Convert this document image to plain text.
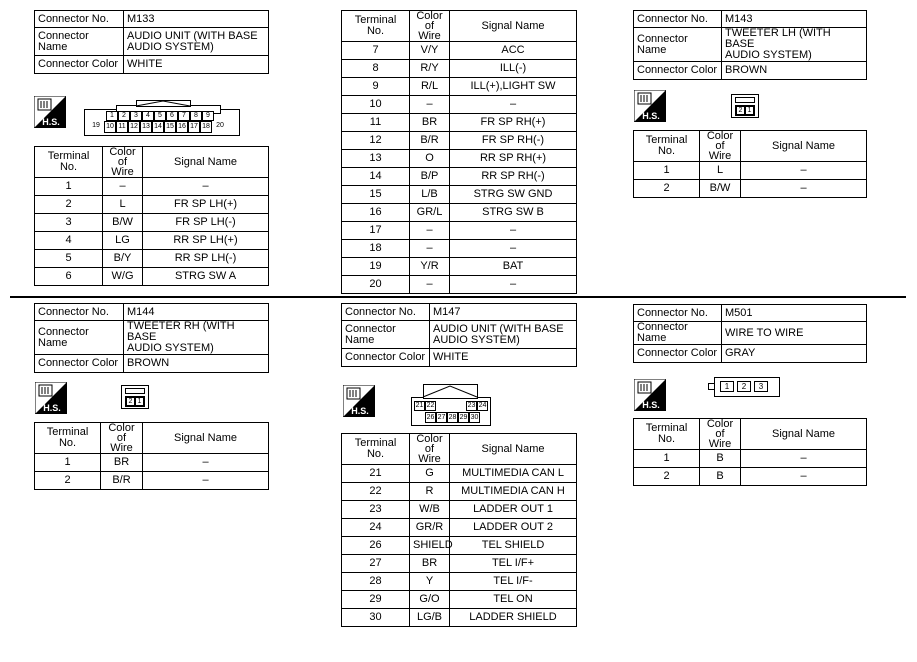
Connector No.	M133
Connector Name	AUDIO UNIT (WITH BASE
AUDIO SYSTEM)

Connector Color	WHITE
H.S.
1	2	3	4	5	6	7	8	9
19 10 11 12 13 14 15 16 17 18 20
Terminal No.	Color of
Wire	Signal Name
1	–	–
2	L	FR SP LH(+)
3	B/W	FR SP LH(-)
4	LG	RR SP LH(+)
5	B/Y	RR SP LH(-)
6	W/G	STRG SW A
Terminal No.	Color of
Wire	Signal Name
7	V/Y	ACC
8	R/Y	ILL(-)
9	R/L	ILL(+),LIGHT SW
10	–	–
11	BR	FR SP RH(+)
12	B/R	FR SP RH(-)
13	O	RR SP RH(+)
14	B/P	RR SP RH(-)
15	L/B	STRG SW GND
16	GR/L	STRG SW B
17	–	–
18	–	–
19	Y/R	BAT
20	–	–
Connector No.	M143
Connector Name	TWEETER LH (WITH BASE
AUDIO SYSTEM)

Connector Color	BROWN
H.S.
2 1
Terminal No.	Color of
Wire	Signal Name
1	L	–
2	B/W	–
Connector No.	M144
Connector Name	TWEETER RH (WITH BASE
AUDIO SYSTEM)

Connector Color	BROWN
H.S.
2 1
Terminal No.	Color of
Wire	Signal Name
1	BR	–
2	B/R	–
Connector No.	M147
Connector Name	AUDIO UNIT (WITH BASE
AUDIO SYSTEM)

Connector Color	WHITE
H.S.
21 22	23 24
26 27 28 29 30
Terminal No.	Color of
Wire	Signal Name
21	G	MULTIMEDIA CAN L
22	R	MULTIMEDIA CAN H
23	W/B	LADDER OUT 1
24	GR/R	LADDER OUT 2
26	SHIELD	TEL SHIELD
27	BR	TEL I/F+
28	Y	TEL I/F-
29	G/O	TEL ON
30	LG/B	LADDER SHIELD
Connector No.	M501
Connector Name	WIRE TO WIRE
Connector Color	GRAY
H.S.
1	2	3
Terminal No.	Color of
Wire	Signal Name
1	B	–
2	B	–
